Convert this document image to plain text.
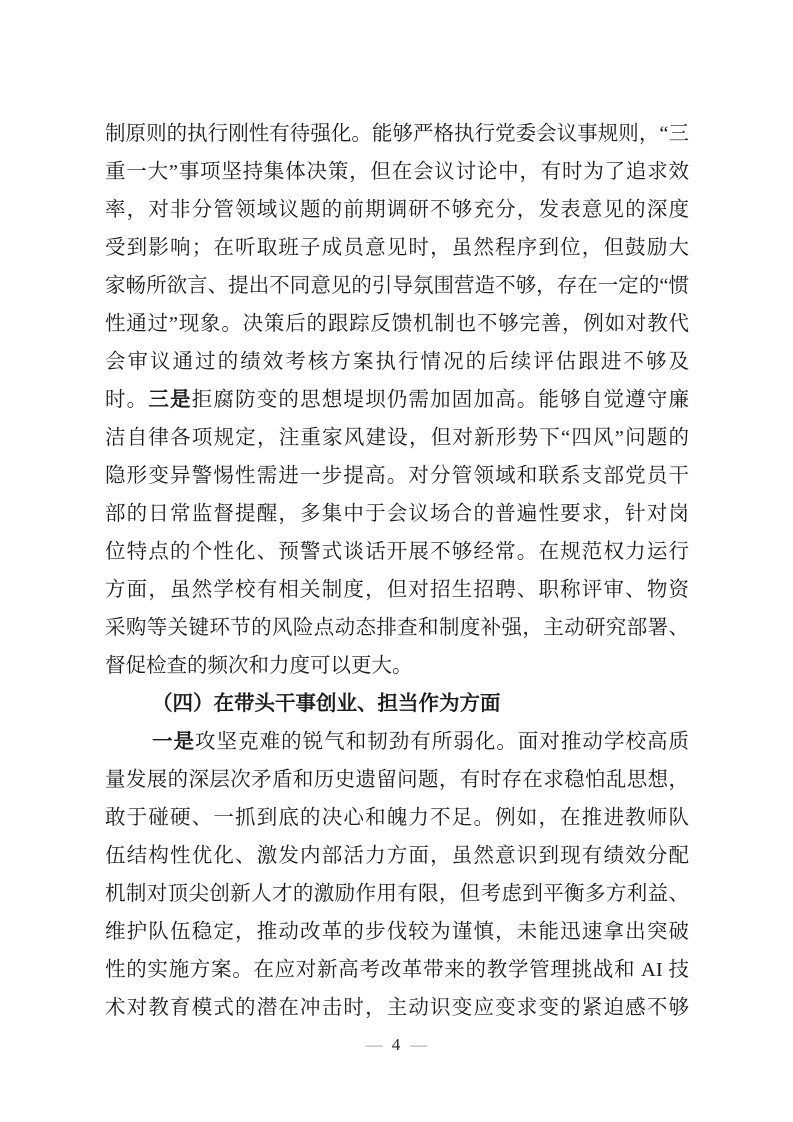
制原则的执行刚性有待强化。能够严格执行党委会议事规则，“三
重一大”事项坚持集体决策，但在会议讨论中，有时为了追求效
率，对非分管领域议题的前期调研不够充分，发表意见的深度
受到影响；在听取班子成员意见时，虽然程序到位，但鼓励大
家畅所欲言、提出不同意见的引导氛围营造不够，存在一定的“惯
性通过”现象。决策后的跟踪反馈机制也不够完善，例如对教代
会审议通过的绩效考核方案执行情况的后续评估跟进不够及
时。三是拒腐防变的思想堤坝仍需加固加高。能够自觉遵守廉
洁自律各项规定，注重家风建设，但对新形势下“四风”问题的
隐形变异警惕性需进一步提高。对分管领域和联系支部党员干
部的日常监督提醒，多集中于会议场合的普遍性要求，针对岗
位特点的个性化、预警式谈话开展不够经常。在规范权力运行
方面，虽然学校有相关制度，但对招生招聘、职称评审、物资
采购等关键环节的风险点动态排查和制度补强，主动研究部署、
督促检查的频次和力度可以更大。
（四）在带头干事创业、担当作为方面
一是攻坚克难的锐气和韧劲有所弱化。面对推动学校高质
量发展的深层次矛盾和历史遗留问题，有时存在求稳怕乱思想，
敢于碰硬、一抓到底的决心和魄力不足。例如，在推进教师队
伍结构性优化、激发内部活力方面，虽然意识到现有绩效分配
机制对顶尖创新人才的激励作用有限，但考虑到平衡多方利益、
维护队伍稳定，推动改革的步伐较为谨慎，未能迅速拿出突破
性的实施方案。在应对新高考改革带来的教学管理挑战和 AI 技
术对教育模式的潜在冲击时，主动识变应变求变的紧迫感不够
— 4 —
